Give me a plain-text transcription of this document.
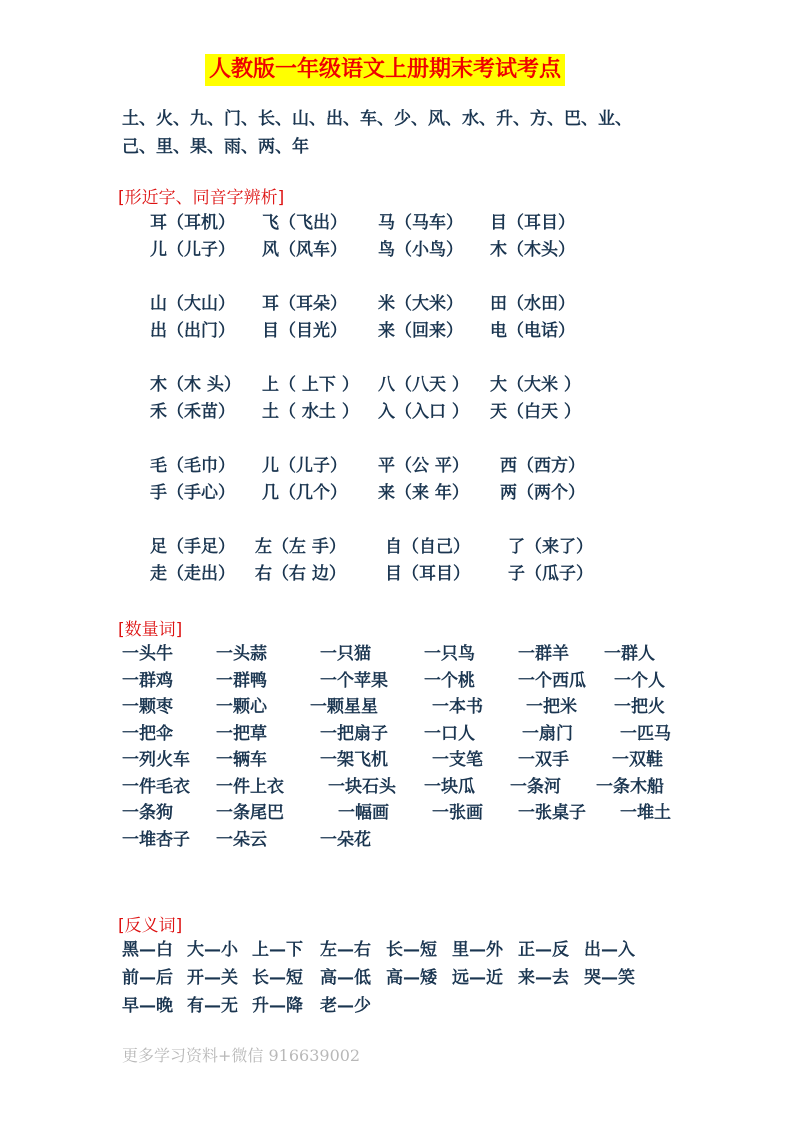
人教版一年级语文上册期末考试考点
土、火、九、门、长、山、出、车、少、风、水、升、方、巴、业、
己、里、果、雨、两、年
[形近字、同音字辨析]
耳（耳机） 飞（飞出） 马（马车） 目（耳目）
儿（儿子） 风（风车） 鸟（小鸟） 木（木头）
山（大山） 耳（耳朵） 米（大米） 田（水田）
出（出门） 目（目光） 来（回来） 电（电话）
木（木 头） 上（ 上下 ） 八（八天 ） 大（大米 ）
禾（禾苗） 土（ 水土 ） 入（入口 ） 天（白天 ）
毛（毛巾） 儿（儿子） 平（公 平） 西（西方）
手（手心） 几（几个） 来（来 年） 两（两个）
足（手足） 左（左 手） 自（自己） 了（来了）
走（走出） 右（右 边） 目（耳目） 子（瓜子）
[数量词]
一头牛	一头蒜	一只猫	一只鸟	一群羊 一群人
一群鸡	一群鸭	一个苹果 一个桃	一个西瓜 一个人
一颗枣	一颗心	一颗星星	一本书	一把米 一把火
一把伞	一把草	一把扇子 一口人	一扇门	一匹马
一列火车 一辆车	一架飞机	一支笔 一双手	一双鞋
一件毛衣 一件上衣	一块石头 一块瓜 一条河 一条木船
一条狗	一条尾巴	一幅画	一张画 一张桌子 一堆土
一堆杏子 一朵云	一朵花
[反义词]
黑—白 大—小 上—下 左—右 长—短 里—外 正—反 出—入
前—后 开—关 长—短 高—低 高—矮 远—近 来—去 哭—笑
早—晚 有—无 升—降 老—少
更多学习资料+微信 916639002
